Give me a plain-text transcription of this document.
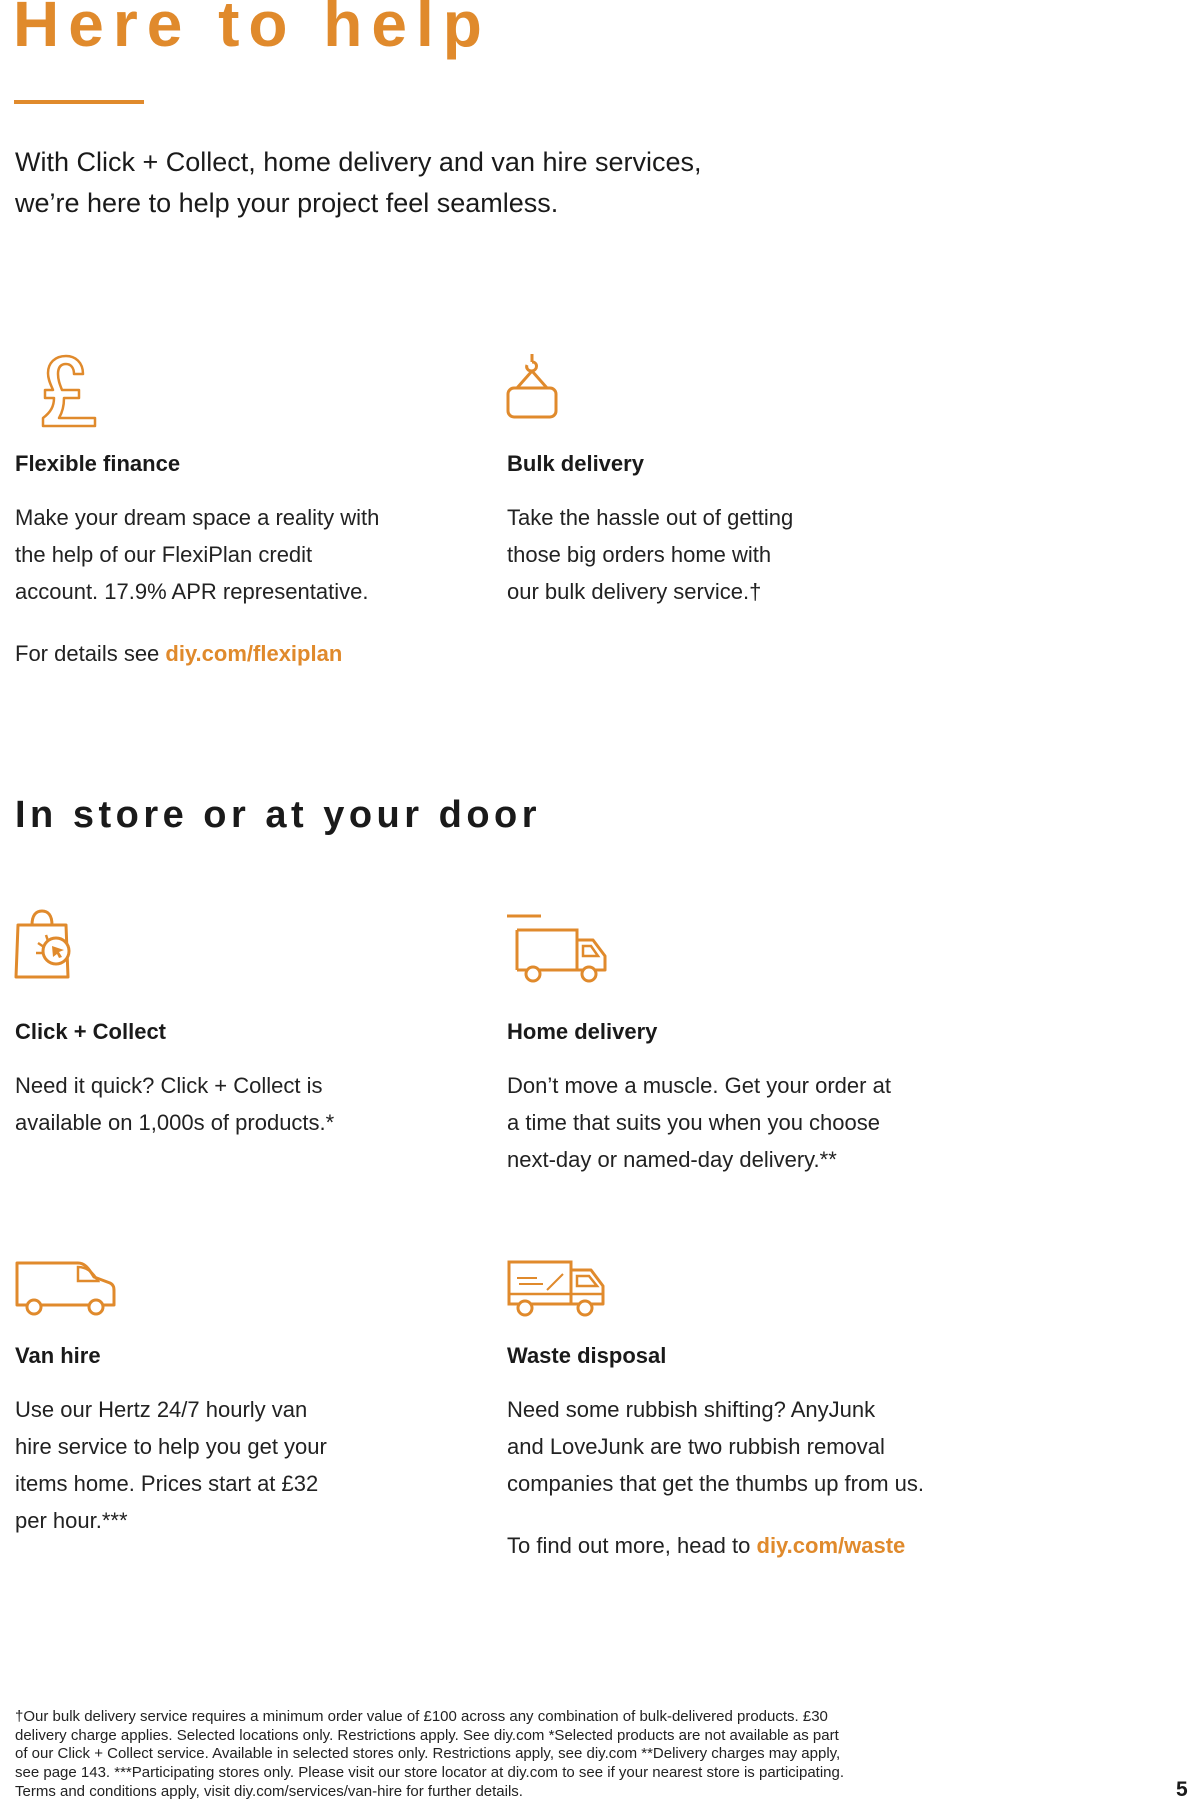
Here to help

With Click + Collect, home delivery and van hire services,
we’re here to help your project feel seamless.

Flexible finance

Make your dream space a reality with
the help of our FlexiPlan credit
account. 17.9% APR representative.

For details see diy.com/flexiplan

Bulk delivery

Take the hassle out of getting
those big orders home with
our bulk delivery service.†

In store or at your door

Click + Collect

Need it quick? Click + Collect is
available on 1,000s of products.*

Home delivery

Don’t move a muscle. Get your order at
a time that suits you when you choose
next-day or named-day delivery.**

Van hire

Use our Hertz 24/7 hourly van
hire service to help you get your
items home. Prices start at £32
per hour.***

Waste disposal

Need some rubbish shifting? AnyJunk
and LoveJunk are two rubbish removal
companies that get the thumbs up from us.

To find out more, head to diy.com/waste

†Our bulk delivery service requires a minimum order value of £100 across any combination of bulk-delivered products. £30
delivery charge applies. Selected locations only. Restrictions apply. See diy.com *Selected products are not available as part
of our Click + Collect service. Available in selected stores only. Restrictions apply, see diy.com **Delivery charges may apply,
see page 143. ***Participating stores only. Please visit our store locator at diy.com to see if your nearest store is participating.
Terms and conditions apply, visit diy.com/services/van-hire for further details.	5
